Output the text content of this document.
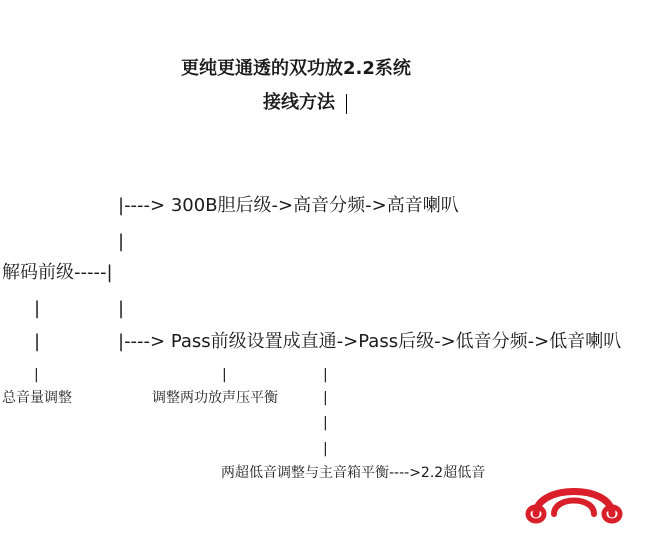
更纯更通透的双功放2.2系统
接线方法
|----> 300B胆后级->高音分频->高音喇叭
|
解码前级-----|
|	|
|	|----> Pass前级设置成直通->Pass后级->低音分频->低音喇叭
|	|	|
|
|
|
总音量调整	调整两功放声压平衡
两超低音调整与主音箱平衡---->2.2超低音
